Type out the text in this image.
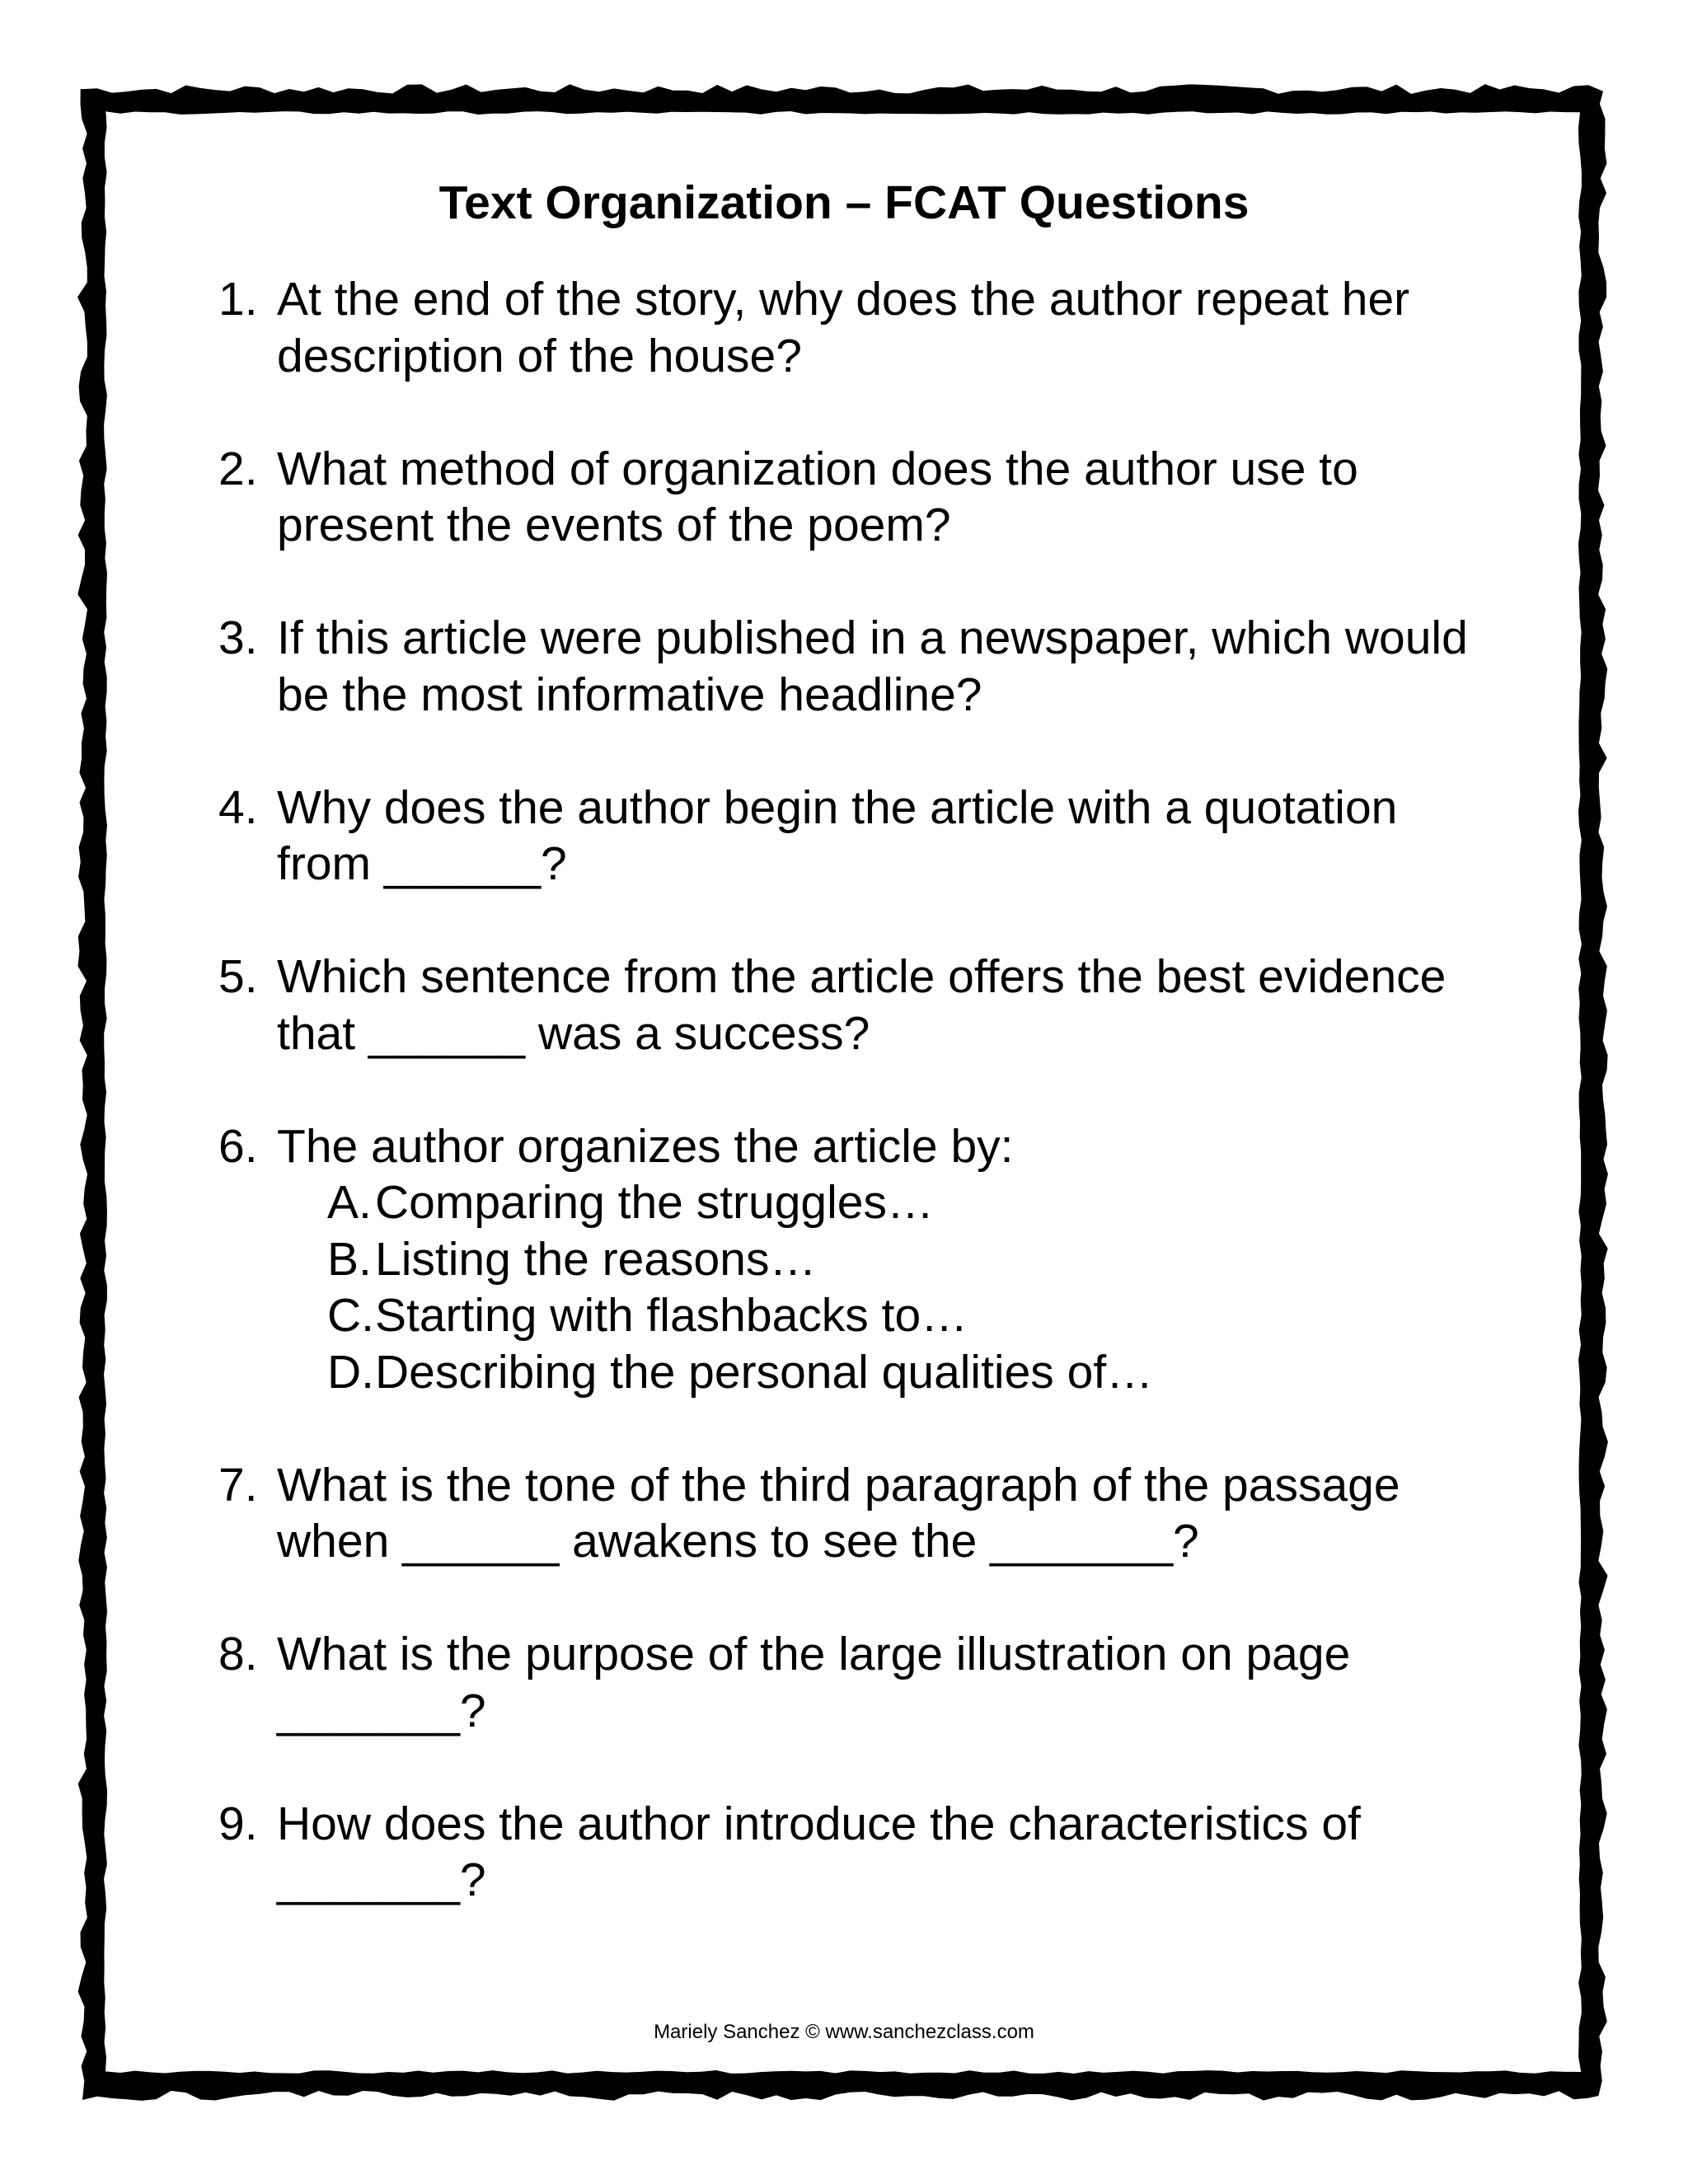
Text Organization – FCAT Questions
1. At the end of the story, why does the author repeat her description of the house?
2. What method of organization does the author use to present the events of the poem?
3. If this article were published in a newspaper, which would be the most informative headline?
4. Why does the author begin the article with a quotation from ______?
5. Which sentence from the article offers the best evidence that ______ was a success?
6. The author organizes the article by:
A. Comparing the struggles…
B. Listing the reasons…
C. Starting with flashbacks to…
D. Describing the personal qualities of…
7. What is the tone of the third paragraph of the passage when ______ awakens to see the _______?
8. What is the purpose of the large illustration on page _______?
9. How does the author introduce the characteristics of _______?
Mariely Sanchez © www.sanchezclass.com
